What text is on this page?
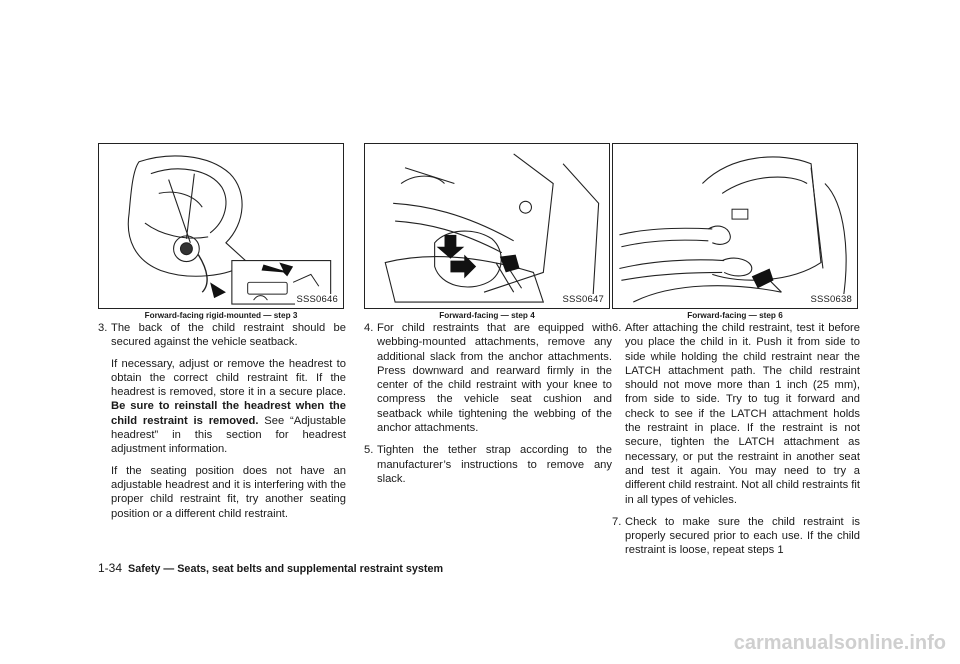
SSS0646
Forward-facing rigid-mounted — step 3
3. The back of the child restraint should be secured against the vehicle seatback.
If necessary, adjust or remove the headrest to obtain the correct child restraint fit. If the headrest is removed, store it in a secure place. Be sure to reinstall the headrest when the child restraint is removed. See “Adjustable headrest” in this section for headrest adjustment information.
If the seating position does not have an adjustable headrest and it is interfering with the proper child restraint fit, try another seating position or a different child restraint.
SSS0647
Forward-facing — step 4
4. For child restraints that are equipped with webbing-mounted attachments, remove any additional slack from the anchor attachments. Press downward and rearward firmly in the center of the child restraint with your knee to compress the vehicle seat cushion and seatback while tightening the webbing of the anchor attachments.
5. Tighten the tether strap according to the manufacturer’s instructions to remove any slack.
SSS0638
Forward-facing — step 6
6. After attaching the child restraint, test it before you place the child in it. Push it from side to side while holding the child restraint near the LATCH attachment path. The child restraint should not move more than 1 inch (25 mm), from side to side. Try to tug it forward and check to see if the LATCH attachment holds the restraint in place. If the restraint is not secure, tighten the LATCH attachment as necessary, or put the restraint in another seat and test it again. You may need to try a different child restraint. Not all child restraints fit in all types of vehicles.
7. Check to make sure the child restraint is properly secured prior to each use. If the child restraint is loose, repeat steps 1
1-34 Safety — Seats, seat belts and supplemental restraint system
carmanualsonline.info
